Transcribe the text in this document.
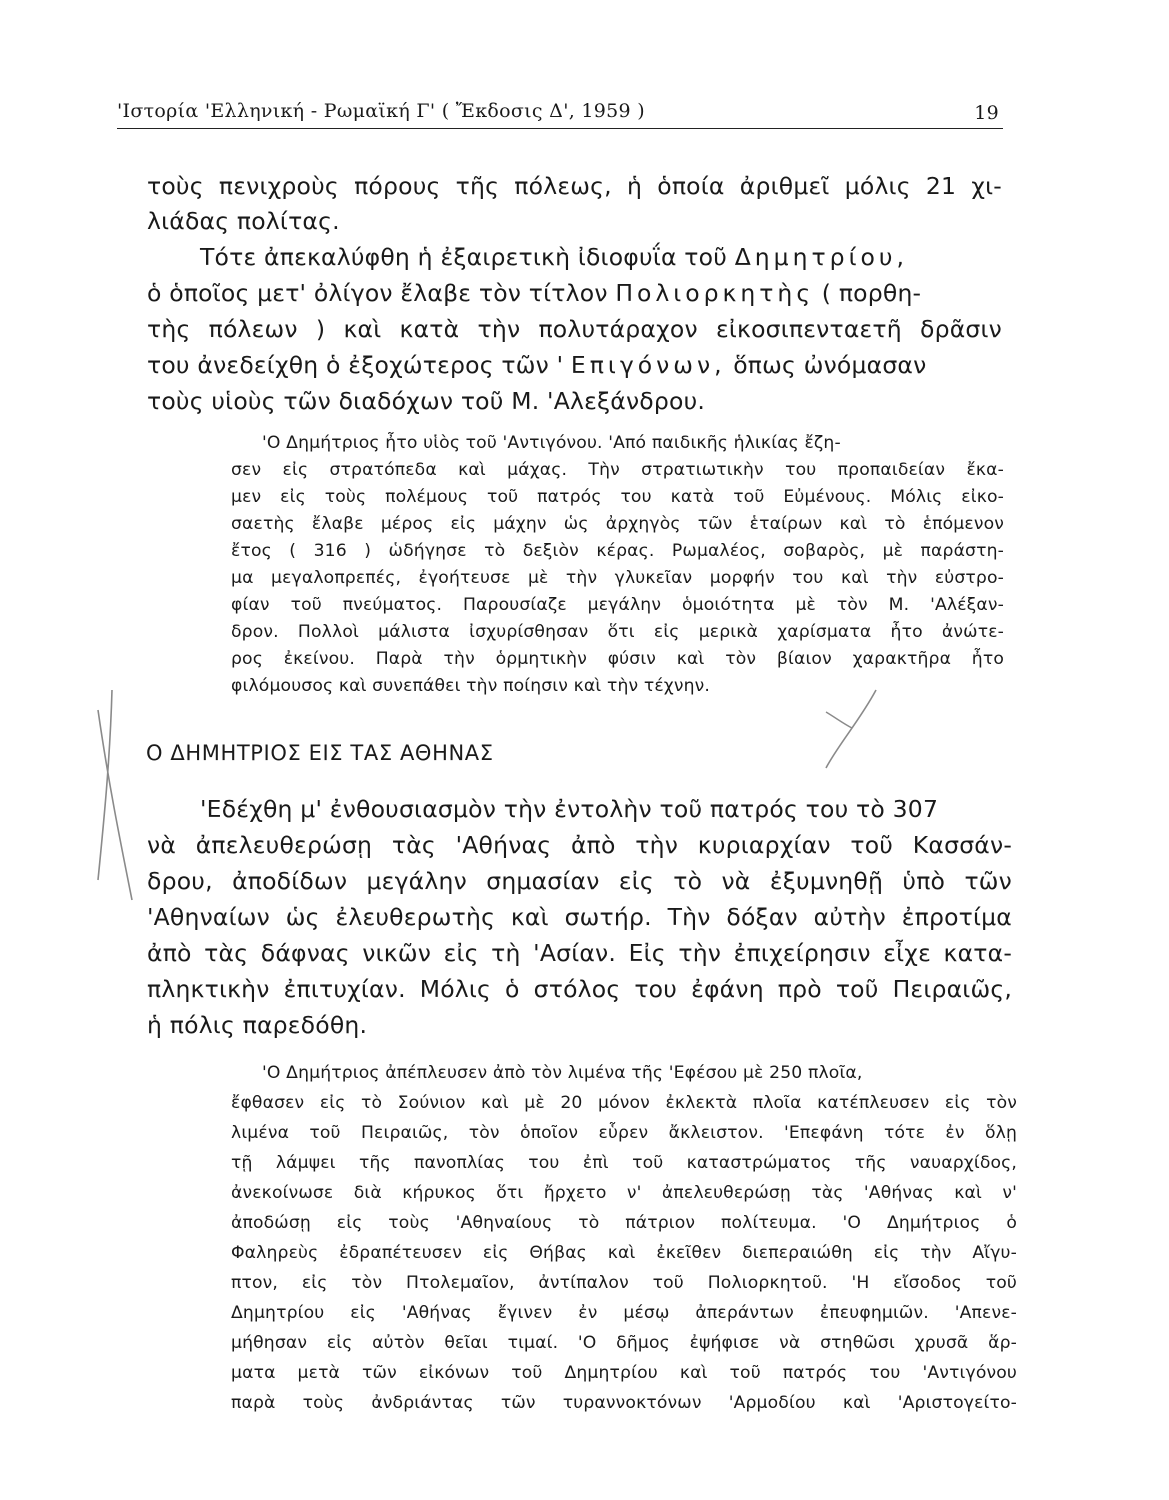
'Ιστορία 'Ελληνική - Ρωμαϊκή Γ' ( Ἔκδοσις Δ', 1959 )	19
τοὺς πενιχροὺς πόρους τῆς πόλεως, ἡ ὁποία ἀριθμεῖ μόλις 21 χι-
λιάδας πολίτας.
Τότε ἀπεκαλύφθη ἡ ἐξαιρετικὴ ἰδιοφυΐα τοῦ Δημητρίου,
ὁ ὁποῖος μετ' ὀλίγον ἔλαβε τὸν τίτλον Πολιορκητὴς ( πορθη-
τὴς πόλεων ) καὶ κατὰ τὴν πολυτάραχον εἰκοσιπενταετῆ δρᾶσιν
του ἀνεδείχθη ὁ ἐξοχώτερος τῶν ' Επιγόνων, ὅπως ὠνόμασαν
τοὺς υἱοὺς τῶν διαδόχων τοῦ Μ. 'Αλεξάνδρου.
'Ο Δημήτριος ἦτο υἱὸς τοῦ 'Αντιγόνου. 'Από παιδικῆς ἡλικίας ἔζη-
σεν εἰς στρατόπεδα καὶ μάχας. Τὴν στρατιωτικὴν του προπαιδείαν ἔκα-
μεν εἰς τοὺς πολέμους τοῦ πατρός του κατὰ τοῦ Εὐμένους. Μόλις εἰκο-
σαετὴς ἔλαβε μέρος εἰς μάχην ὡς ἀρχηγὸς τῶν ἑταίρων καὶ τὸ ἑπόμενον
ἔτος ( 316 ) ὡδήγησε τὸ δεξιὸν κέρας. Ρωμαλέος, σοβαρὸς, μὲ παράστη-
μα μεγαλοπρεπές, ἐγοήτευσε μὲ τὴν γλυκεῖαν μορφήν του καὶ τὴν εὐστρο-
φίαν τοῦ πνεύματος. Παρουσίαζε μεγάλην ὁμοιότητα μὲ τὸν Μ. 'Αλέξαν-
δρον. Πολλοὶ μάλιστα ἰσχυρίσθησαν ὅτι εἰς μερικὰ χαρίσματα ἦτο ἀνώτε-
ρος ἐκείνου. Παρὰ τὴν ὁρμητικὴν φύσιν καὶ τὸν βίαιον χαρακτῆρα ἦτο
φιλόμουσος καὶ συνεπάθει τὴν ποίησιν καὶ τὴν τέχνην.
Ο ΔΗΜΗΤΡΙΟΣ ΕΙΣ ΤΑΣ ΑΘΗΝΑΣ
'Εδέχθη μ' ἐνθουσιασμὸν τὴν ἐντολὴν τοῦ πατρός του τὸ 307
νὰ ἀπελευθερώσῃ τὰς 'Αθήνας ἀπὸ τὴν κυριαρχίαν τοῦ Κασσάν-
δρου, ἀποδίδων μεγάλην σημασίαν εἰς τὸ νὰ ἐξυμνηθῇ ὑπὸ τῶν
'Αθηναίων ὡς ἐλευθερωτὴς καὶ σωτήρ. Τὴν δόξαν αὐτὴν ἐπροτίμα
ἀπὸ τὰς δάφνας νικῶν εἰς τὴ 'Ασίαν. Εἰς τὴν ἐπιχείρησιν εἶχε κατα-
πληκτικὴν ἐπιτυχίαν. Μόλις ὁ στόλος του ἐφάνη πρὸ τοῦ Πειραιῶς,
ἡ πόλις παρεδόθη.
'Ο Δημήτριος ἀπέπλευσεν ἀπὸ τὸν λιμένα τῆς 'Εφέσου μὲ 250 πλοῖα,
ἔφθασεν εἰς τὸ Σούνιον καὶ μὲ 20 μόνον ἐκλεκτὰ πλοῖα κατέπλευσεν εἰς τὸν
λιμένα τοῦ Πειραιῶς, τὸν ὁποῖον εὗρεν ἄκλειστον. 'Επεφάνη τότε ἐν ὅλῃ
τῇ λάμψει τῆς πανοπλίας του ἐπὶ τοῦ καταστρώματος τῆς ναυαρχίδος,
ἀνεκοίνωσε διὰ κήρυκος ὅτι ἤρχετο ν' ἀπελευθερώσῃ τὰς 'Αθήνας καὶ ν'
ἀποδώσῃ εἰς τοὺς 'Αθηναίους τὸ πάτριον πολίτευμα. 'Ο Δημήτριος ὁ
Φαληρεὺς ἐδραπέτευσεν εἰς Θήβας καὶ ἐκεῖθεν διεπεραιώθη εἰς τὴν Αἴγυ-
πτον, εἰς τὸν Πτολεμαῖον, ἀντίπαλον τοῦ Πολιορκητοῦ. 'Η εἴσοδος τοῦ
Δημητρίου εἰς 'Αθήνας ἔγινεν ἐν μέσῳ ἀπεράντων ἐπευφημιῶν. 'Απενε-
μήθησαν εἰς αὐτὸν θεῖαι τιμαί. 'Ο δῆμος ἐψήφισε νὰ στηθῶσι χρυσᾶ ἅρ-
ματα μετὰ τῶν εἰκόνων τοῦ Δημητρίου καὶ τοῦ πατρός του 'Αντιγόνου
παρὰ τοὺς ἀνδριάντας τῶν τυραννοκτόνων 'Αρμοδίου καὶ 'Αριστογείτο-
